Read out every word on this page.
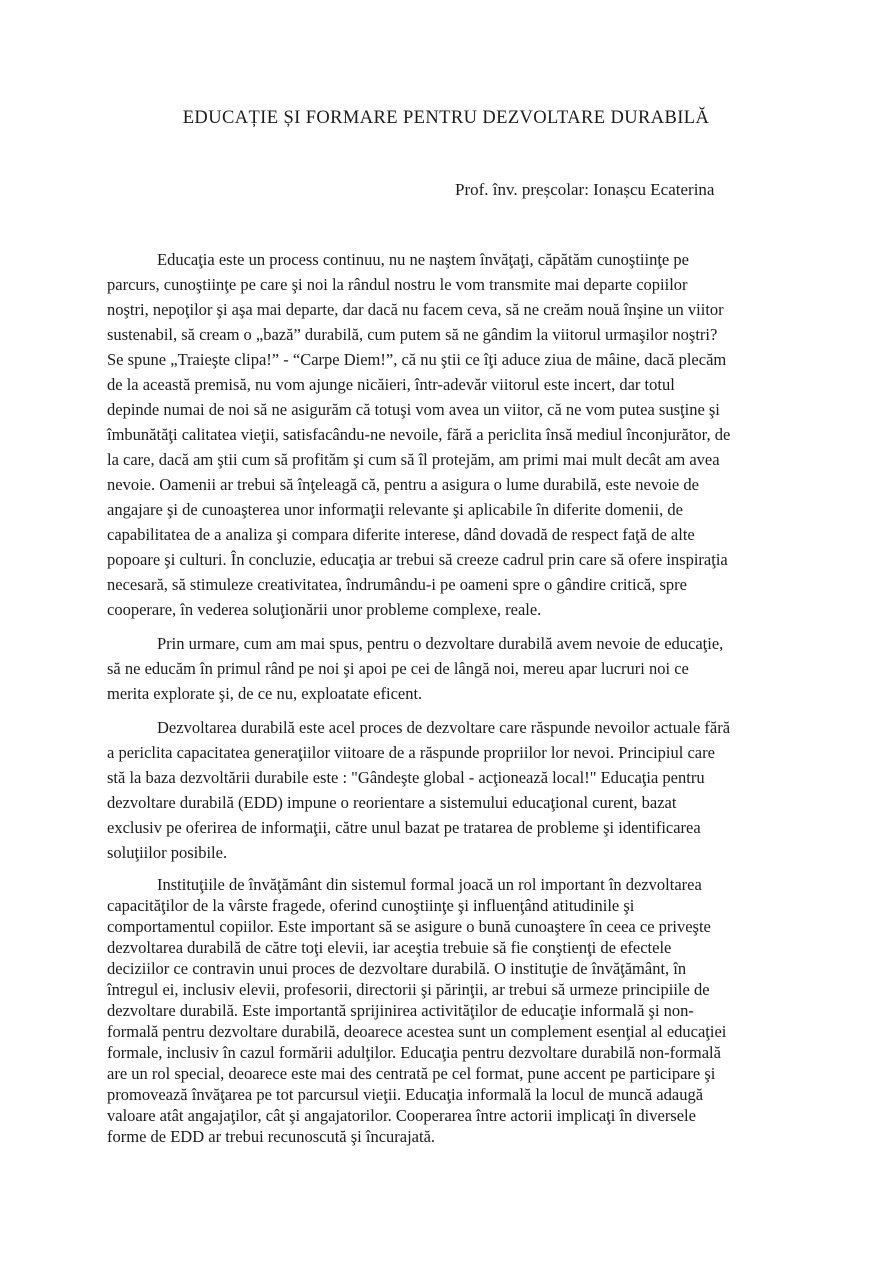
EDUCAȚIE ȘI FORMARE PENTRU DEZVOLTARE DURABILĂ
Prof. înv. preșcolar: Ionașcu Ecaterina
Educaţia este un process continuu, nu ne naştem învăţaţi, căpătăm cunoştiinţe pe
parcurs, cunoştiinţe pe care şi noi la rândul nostru le vom transmite mai departe copiilor
noştri, nepoţilor şi aşa mai departe, dar dacă nu facem ceva, să ne creăm nouă înşine un viitor
sustenabil, să cream o „bază” durabilă, cum putem să ne gândim la viitorul urmaşilor noştri?
Se spune „Traieşte clipa!” - “Carpe Diem!”, că nu ştii ce îţi aduce ziua de mâine, dacă plecăm
de la această premisă, nu vom ajunge nicăieri, într-adevăr viitorul este incert, dar totul
depinde numai de noi să ne asigurăm că totuşi vom avea un viitor, că ne vom putea susţine şi
îmbunătăţi calitatea vieţii, satisfacându-ne nevoile, fără a periclita însă mediul înconjurător, de
la care, dacă am ştii cum să profităm şi cum să îl protejăm, am primi mai mult decât am avea
nevoie. Oamenii ar trebui să înţeleagă că, pentru a asigura o lume durabilă, este nevoie de
angajare şi de cunoaşterea unor informaţii relevante şi aplicabile în diferite domenii, de
capabilitatea de a analiza şi compara diferite interese, dând dovadă de respect faţă de alte
popoare şi culturi. În concluzie, educaţia ar trebui să creeze cadrul prin care să ofere inspiraţia
necesară, să stimuleze creativitatea, îndrumându-i pe oameni spre o gândire critică, spre
cooperare, în vederea soluţionării unor probleme complexe, reale.
Prin urmare, cum am mai spus, pentru o dezvoltare durabilă avem nevoie de educaţie,
să ne educăm în primul rând pe noi şi apoi pe cei de lângă noi, mereu apar lucruri noi ce
merita explorate şi, de ce nu, exploatate eficent.
Dezvoltarea durabilă este acel proces de dezvoltare care răspunde nevoilor actuale fără
a periclita capacitatea generaţiilor viitoare de a răspunde propriilor lor nevoi. Principiul care
stă la baza dezvoltării durabile este : "Gândeşte global - acţionează local!" Educaţia pentru
dezvoltare durabilă (EDD) impune o reorientare a sistemului educaţional curent, bazat
exclusiv pe oferirea de informaţii, către unul bazat pe tratarea de probleme şi identificarea
soluţiilor posibile.
Instituţiile de învăţământ din sistemul formal joacă un rol important în dezvoltarea
capacităţilor de la vârste fragede, oferind cunoştiinţe şi influenţând atitudinile şi
comportamentul copiilor. Este important să se asigure o bună cunoaştere în ceea ce priveşte
dezvoltarea durabilă de către toţi elevii, iar aceştia trebuie să fie conştienţi de efectele
deciziilor ce contravin unui proces de dezvoltare durabilă. O instituţie de învăţământ, în
întregul ei, inclusiv elevii, profesorii, directorii şi părinţii, ar trebui să urmeze principiile de
dezvoltare durabilă. Este importantă sprijinirea activităţilor de educaţie informală şi non-
formală pentru dezvoltare durabilă, deoarece acestea sunt un complement esenţial al educaţiei
formale, inclusiv în cazul formării adulţilor. Educaţia pentru dezvoltare durabilă non-formală
are un rol special, deoarece este mai des centrată pe cel format, pune accent pe participare şi
promovează învăţarea pe tot parcursul vieţii. Educaţia informală la locul de muncă adaugă
valoare atât angajaţilor, cât şi angajatorilor. Cooperarea între actorii implicaţi în diversele
forme de EDD ar trebui recunoscută şi încurajată.
